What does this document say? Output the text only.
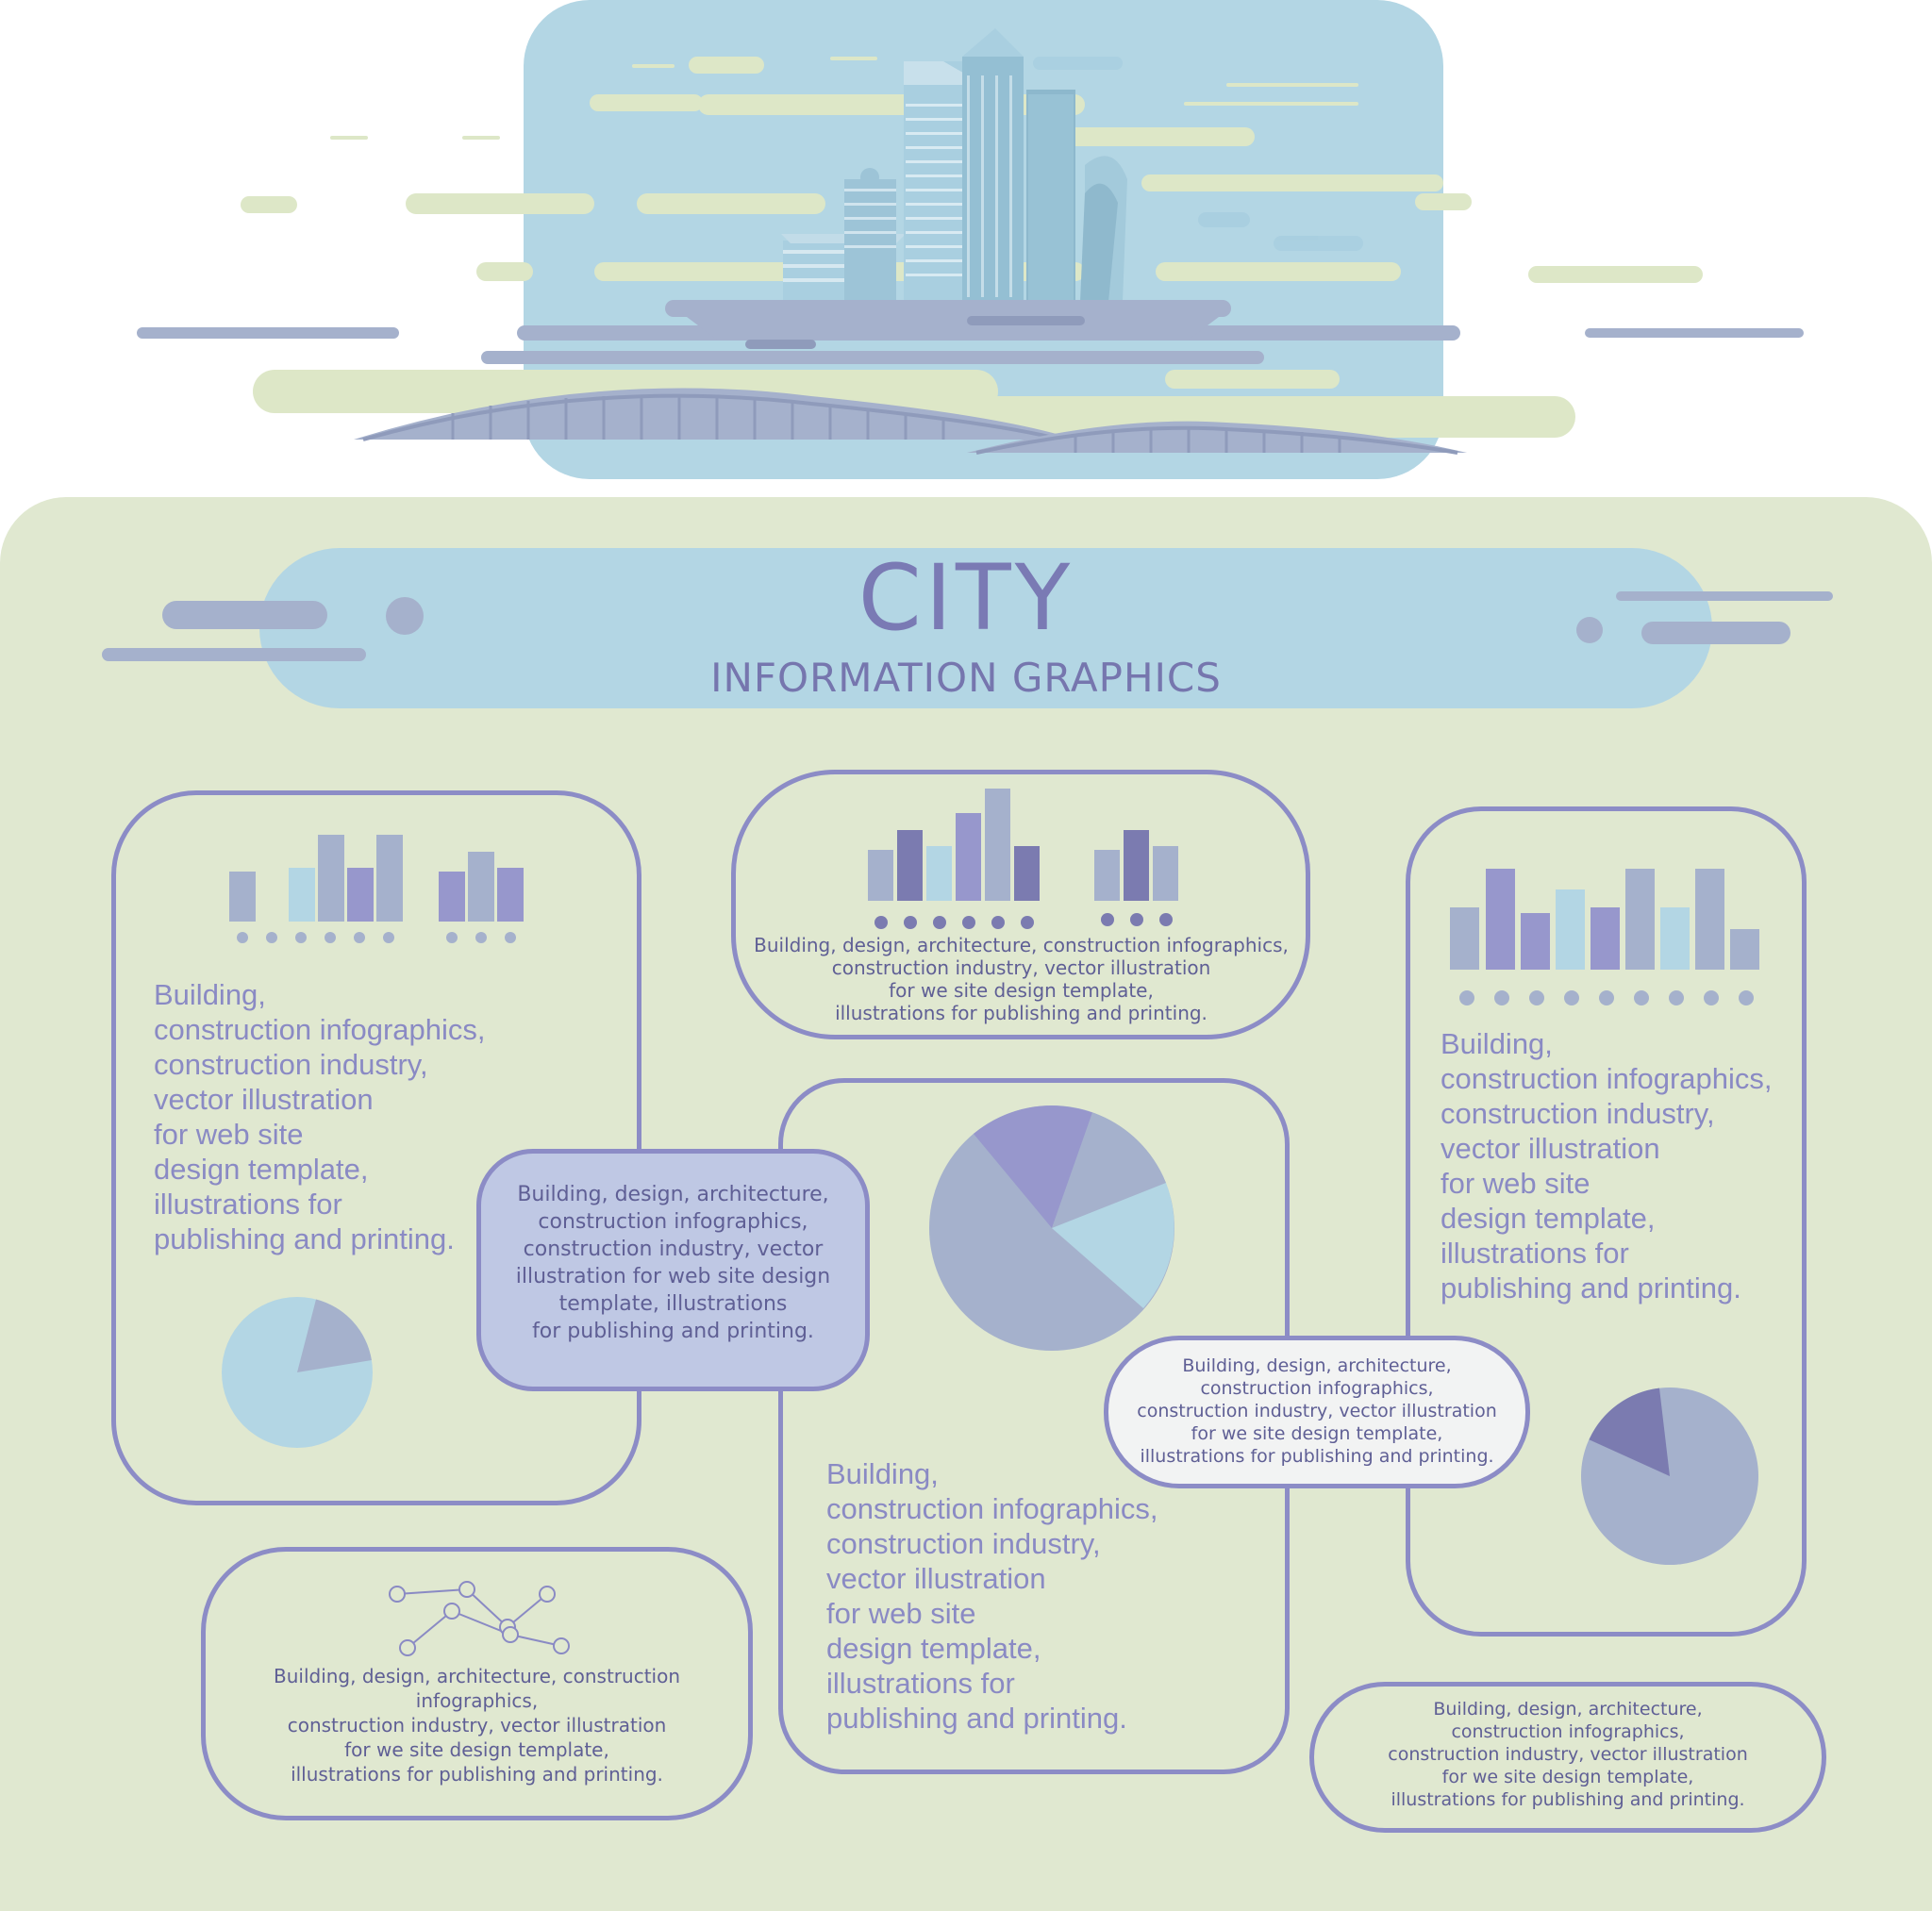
CITY
INFORMATION GRAPHICS
Building,
construction infographics,
construction industry,
vector illustration
for web site
design template,
illustrations for
publishing and printing.
Building, design, architecture, construction infographics,
construction industry, vector illustration
for we site design template,
illustrations for publishing and printing.
Building,
construction infographics,
construction industry,
vector illustration
for web site
design template,
illustrations for
publishing and printing.
Building,
construction infographics,
construction industry,
vector illustration
for web site
design template,
illustrations for
publishing and printing.
Building, design, architecture,
construction infographics,
construction industry, vector
illustration for web site design
template, illustrations
for publishing and printing.
Building, design, architecture,
construction infographics,
construction industry, vector illustration
for we site design template,
illustrations for publishing and printing.
Building, design, architecture, construction infographics,
construction industry, vector illustration
for we site design template,
illustrations for publishing and printing.
Building, design, architecture,
construction infographics,
construction industry, vector illustration
for we site design template,
illustrations for publishing and printing.
